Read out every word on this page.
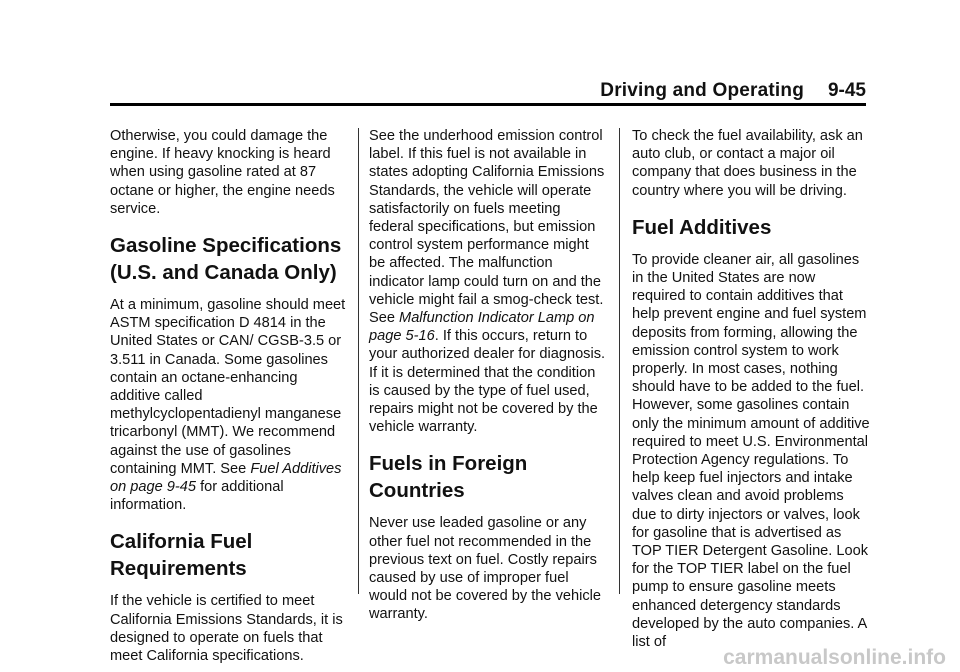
Driving and Operating 9-45

Otherwise, you could damage the engine. If heavy knocking is heard when using gasoline rated at 87 octane or higher, the engine needs service.

Gasoline Specifications (U.S. and Canada Only)

At a minimum, gasoline should meet ASTM specification D 4814 in the United States or CAN/ CGSB-3.5 or 3.511 in Canada. Some gasolines contain an octane-enhancing additive called methylcyclopentadienyl manganese tricarbonyl (MMT). We recommend against the use of gasolines containing MMT. See Fuel Additives on page 9-45 for additional information.

California Fuel Requirements

If the vehicle is certified to meet California Emissions Standards, it is designed to operate on fuels that meet California specifications.

See the underhood emission control label. If this fuel is not available in states adopting California Emissions Standards, the vehicle will operate satisfactorily on fuels meeting federal specifications, but emission control system performance might be affected. The malfunction indicator lamp could turn on and the vehicle might fail a smog-check test. See Malfunction Indicator Lamp on page 5-16. If this occurs, return to your authorized dealer for diagnosis. If it is determined that the condition is caused by the type of fuel used, repairs might not be covered by the vehicle warranty.

Fuels in Foreign Countries

Never use leaded gasoline or any other fuel not recommended in the previous text on fuel. Costly repairs caused by use of improper fuel would not be covered by the vehicle warranty.

To check the fuel availability, ask an auto club, or contact a major oil company that does business in the country where you will be driving.

Fuel Additives

To provide cleaner air, all gasolines in the United States are now required to contain additives that help prevent engine and fuel system deposits from forming, allowing the emission control system to work properly. In most cases, nothing should have to be added to the fuel. However, some gasolines contain only the minimum amount of additive required to meet U.S. Environmental Protection Agency regulations. To help keep fuel injectors and intake valves clean and avoid problems due to dirty injectors or valves, look for gasoline that is advertised as TOP TIER Detergent Gasoline. Look for the TOP TIER label on the fuel pump to ensure gasoline meets enhanced detergency standards developed by the auto companies. A list of

carmanualsonline.info
